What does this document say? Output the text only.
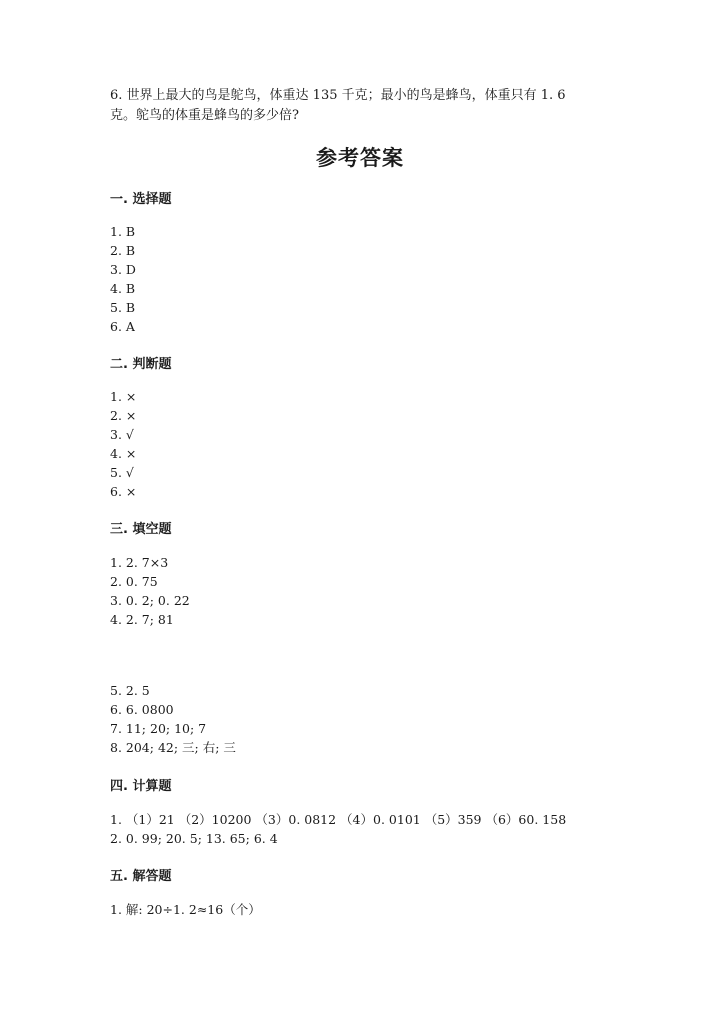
6. 世界上最大的鸟是鸵鸟，体重达 135 千克；最小的鸟是蜂鸟，体重只有 1. 6
克。鸵鸟的体重是蜂鸟的多少倍?
参考答案
一. 选择题
1. B
2. B
3. D
4. B
5. B
6. A
二. 判断题
1. ×
2. ×
3. √
4. ×
5. √
6. ×
三. 填空题
1. 2. 7×3
2. 0. 75
3. 0. 2; 0. 22
4. 2. 7; 81
5. 2. 5
6. 6. 0800
7. 11; 20; 10; 7
8. 204; 42; 三; 右; 三
四. 计算题
1. （1）21 （2）10200 （3）0. 0812 （4）0. 0101 （5）359 （6）60. 158
2. 0. 99; 20. 5; 13. 65; 6. 4
五. 解答题
1. 解: 20÷1. 2≈16（个）
